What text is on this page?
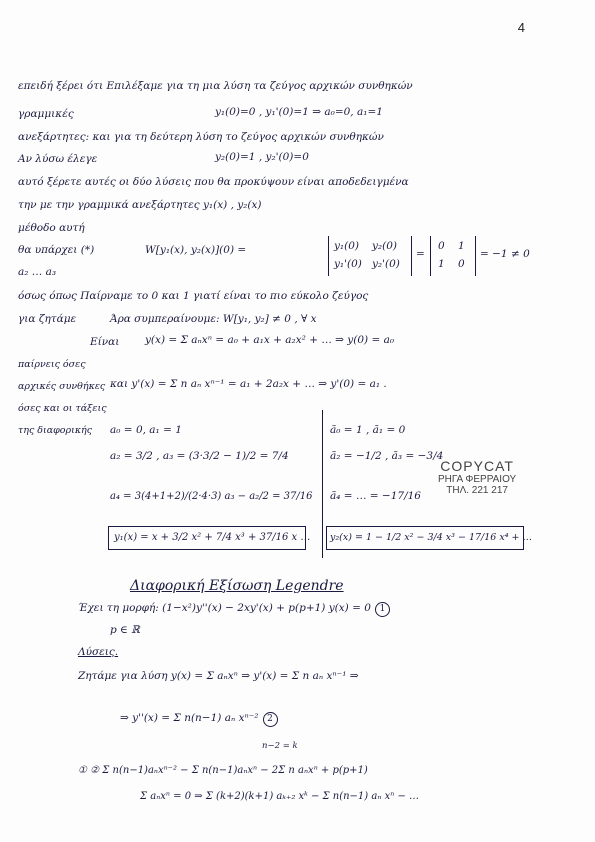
4
επειδή ξέρει ότι Επιλέξαμε για τη μια λύση τα ζεύγος αρχικών συνθηκών
γραμμικές	y₁(0)=0 , y₁'(0)=1 ⇒ a₀=0, a₁=1
ανεξάρτητες: και για τη δεύτερη λύση το ζεύγος αρχικών συνθηκών
Αν λύσω έλεγε	y₂(0)=1 , y₂'(0)=0
αυτό ξέρετε αυτές οι δύο λύσεις που θα προκύψουν είναι αποδεδειγμένα
την με την γραμμικά ανεξάρτητες y₁(x) , y₂(x)
μέθοδο αυτή
θα υπάρχει (*)	W[y₁(x), y₂(x)](0) =	y₁(0) y₂(0)
y₁'(0) y₂'(0)
=
0 1
1 0
= −1 ≠ 0
a₂ … a₃
όσως όπως Παίρναμε το 0 και 1 γιατί είναι το πιο εύκολο ζεύγος
για ζητάμε	Άρα συμπεραίνουμε: W[y₁, y₂] ≠ 0 , ∀ x
Είναι y(x) = Σ aₙxⁿ = a₀ + a₁x + a₂x² + … ⇒ y(0) = a₀
παίρνεις όσες
αρχικές συνθήκες και y'(x) = Σ n aₙ xⁿ⁻¹ = a₁ + 2a₂x + … ⇒ y'(0) = a₁ .
όσες και οι τάξεις
της διαφορικής a₀ = 0, a₁ = 1
a₂ = 3/2 , a₃ = (3·3/2 − 1)/2 = 7/4
a₄ = 3(4+1+2)/(2·4·3) a₃ − a₂/2 = 37/16
ã₀ = 1 , ã₁ = 0
ã₂ = −1/2 , ã₃ = −3/4
ã₄ = … = −17/16
COPYCAT
ΡΗΓΑ ΦΕΡΡΑΙΟΥ
ΤΗΛ. 221 217
y₁(x) = x + 3/2 x² + 7/4 x³ + 37/16 x … y₂(x) = 1 − 1/2 x² − 3/4 x³ − 17/16 x⁴ + …
Διαφορική Εξίσωση Legendre
Έχει τη μορφή: (1−x²)y''(x) − 2xy'(x) + p(p+1) y(x) = 0 1
p ∈ ℝ
Λύσεις.
Ζητάμε για λύση y(x) = Σ aₙxⁿ ⇒ y'(x) = Σ n aₙ xⁿ⁻¹ ⇒
⇒ y''(x) = Σ n(n−1) aₙ xⁿ⁻² 2
n−2 = k
① ② Σ n(n−1)aₙxⁿ⁻² − Σ n(n−1)aₙxⁿ − 2Σ n aₙxⁿ + p(p+1)
Σ aₙxⁿ = 0 ⇒ Σ (k+2)(k+1) aₖ₊₂ xᵏ − Σ n(n−1) aₙ xⁿ − …
